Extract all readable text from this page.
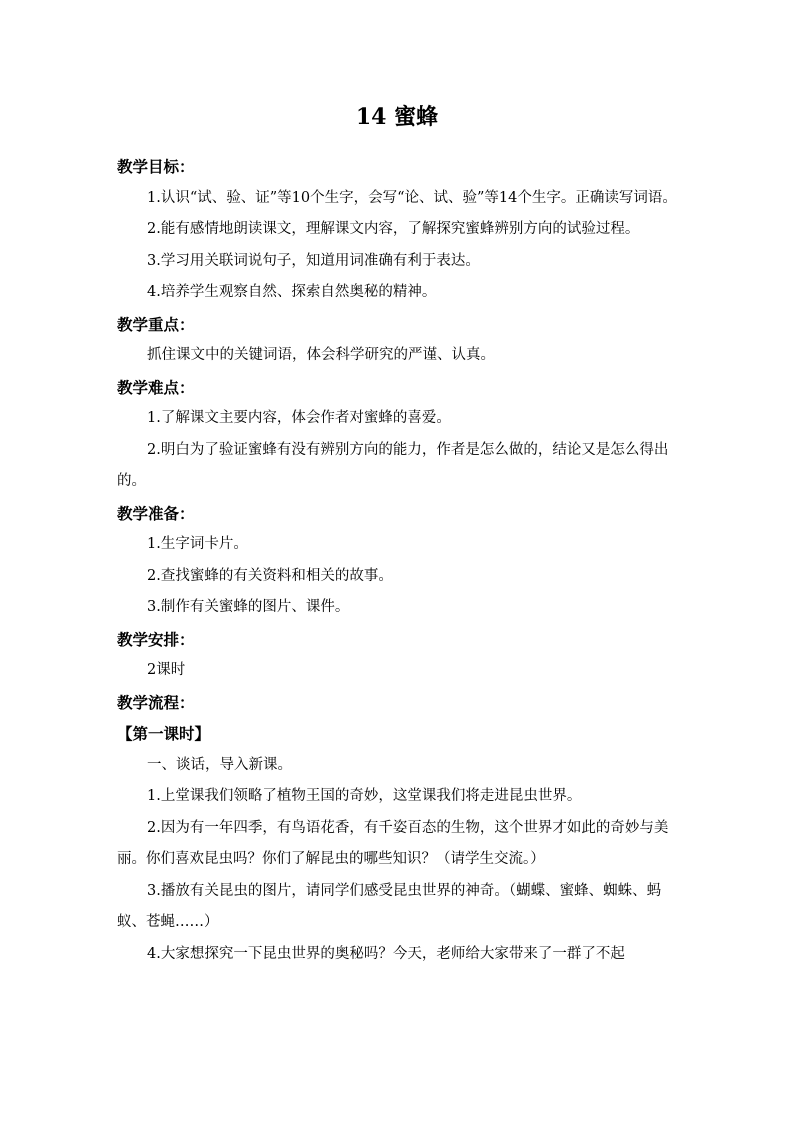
14 蜜蜂

教学目标：

1.认识“试、验、证”等10个生字，会写“论、试、验”等14个生字。正确读写词语。

2.能有感情地朗读课文，理解课文内容，了解探究蜜蜂辨别方向的试验过程。

3.学习用关联词说句子，知道用词准确有利于表达。

4.培养学生观察自然、探索自然奥秘的精神。

教学重点：

抓住课文中的关键词语，体会科学研究的严谨、认真。

教学难点：

1.了解课文主要内容，体会作者对蜜蜂的喜爱。

2.明白为了验证蜜蜂有没有辨别方向的能力，作者是怎么做的，结论又是怎么得出的。

教学准备：

1.生字词卡片。

2.查找蜜蜂的有关资料和相关的故事。

3.制作有关蜜蜂的图片、课件。

教学安排：

2课时

教学流程：

【第一课时】

一、谈话，导入新课。

1.上堂课我们领略了植物王国的奇妙，这堂课我们将走进昆虫世界。

2.因为有一年四季，有鸟语花香，有千姿百态的生物，这个世界才如此的奇妙与美丽。你们喜欢昆虫吗？你们了解昆虫的哪些知识？（请学生交流。）

3.播放有关昆虫的图片，请同学们感受昆虫世界的神奇。（蝴蝶、蜜蜂、蜘蛛、蚂蚁、苍蝇……）

4.大家想探究一下昆虫世界的奥秘吗？今天，老师给大家带来了一群了不起
